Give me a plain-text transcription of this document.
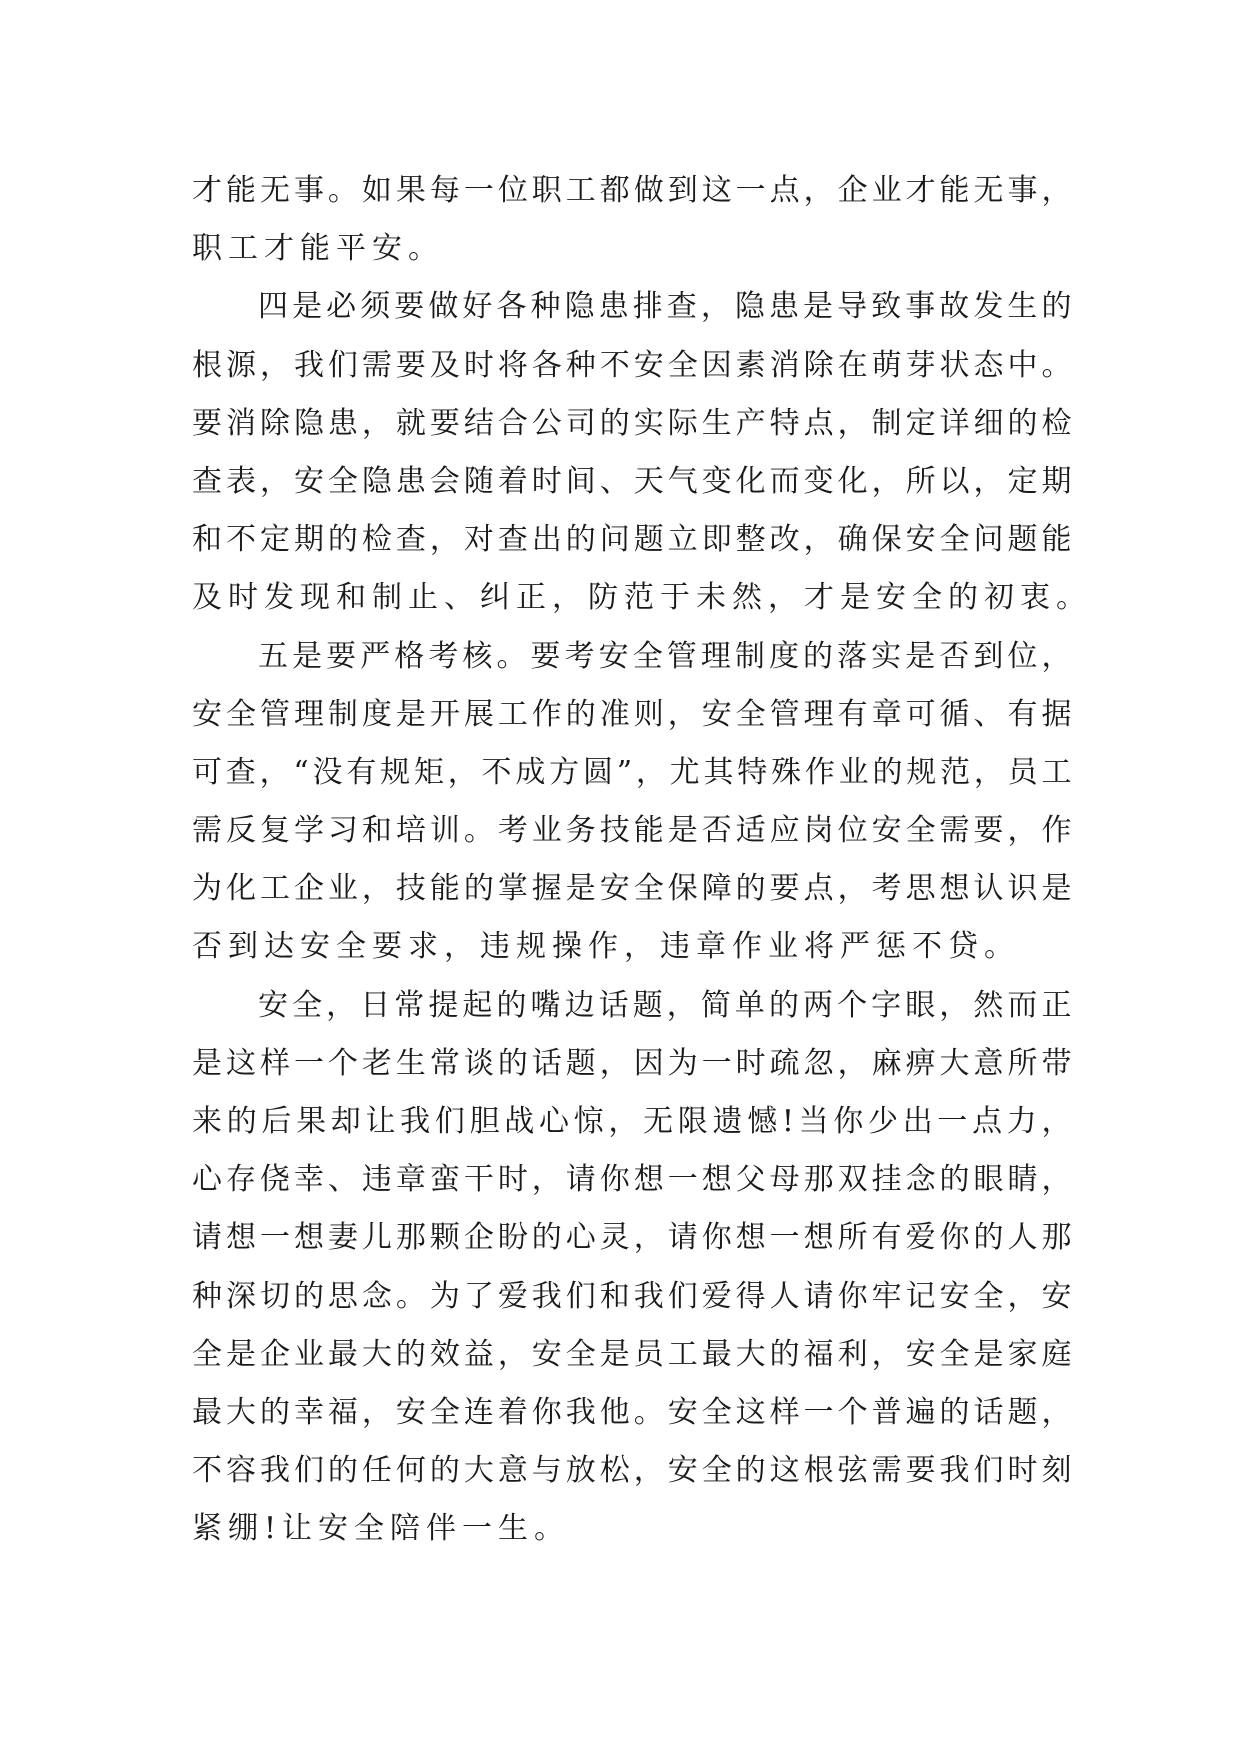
才能无事。如果每一位职工都做到这一点，企业才能无事，
职工才能平安。
四是必须要做好各种隐患排查，隐患是导致事故发生的
根源，我们需要及时将各种不安全因素消除在萌芽状态中。
要消除隐患，就要结合公司的实际生产特点，制定详细的检
查表，安全隐患会随着时间、天气变化而变化，所以，定期
和不定期的检查，对查出的问题立即整改，确保安全问题能
及时发现和制止、纠正，防范于未然，才是安全的初衷。
五是要严格考核。要考安全管理制度的落实是否到位，
安全管理制度是开展工作的准则，安全管理有章可循、有据
可查，“没有规矩，不成方圆”，尤其特殊作业的规范，员工
需反复学习和培训。考业务技能是否适应岗位安全需要，作
为化工企业，技能的掌握是安全保障的要点，考思想认识是
否到达安全要求，违规操作，违章作业将严惩不贷。
安全，日常提起的嘴边话题，简单的两个字眼，然而正
是这样一个老生常谈的话题，因为一时疏忽，麻痹大意所带
来的后果却让我们胆战心惊，无限遗憾!当你少出一点力，
心存侥幸、违章蛮干时，请你想一想父母那双挂念的眼睛，
请想一想妻儿那颗企盼的心灵，请你想一想所有爱你的人那
种深切的思念。为了爱我们和我们爱得人请你牢记安全，安
全是企业最大的效益，安全是员工最大的福利，安全是家庭
最大的幸福，安全连着你我他。安全这样一个普遍的话题，
不容我们的任何的大意与放松，安全的这根弦需要我们时刻
紧绷!让安全陪伴一生。
